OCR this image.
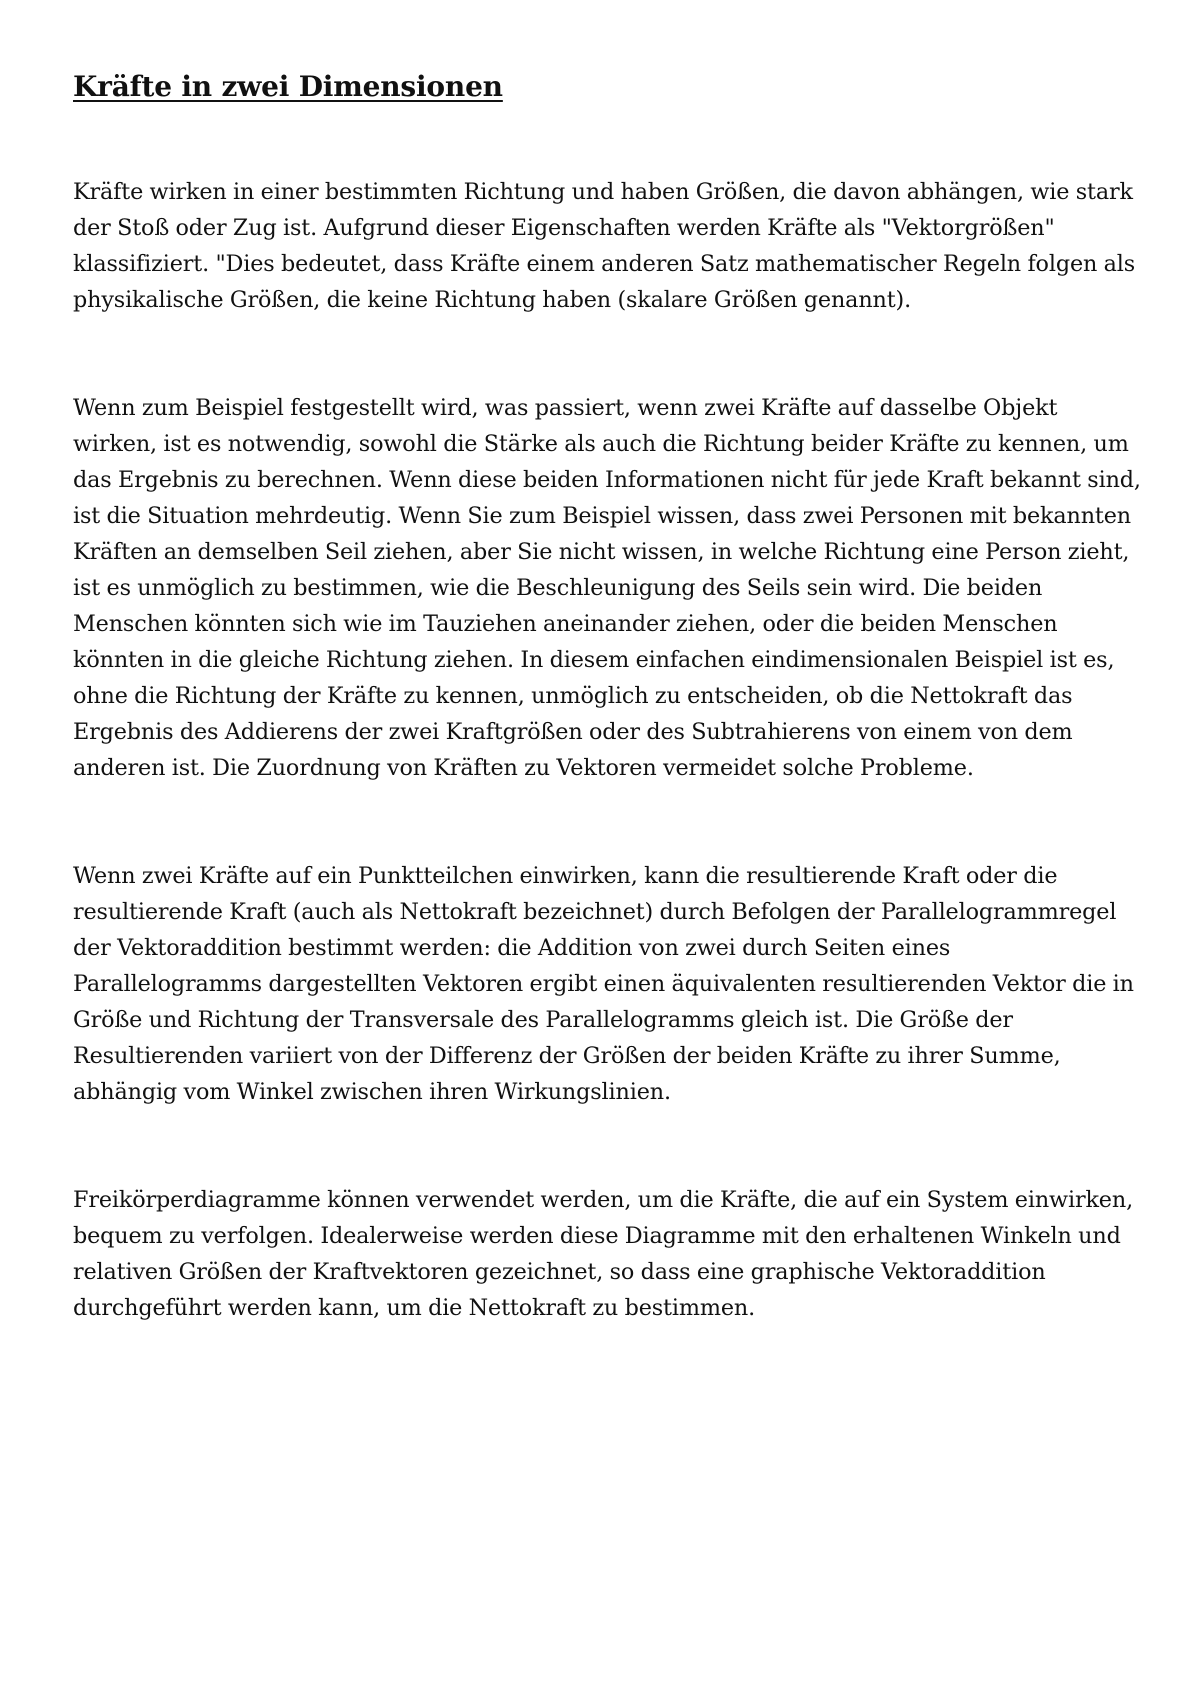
Kräfte in zwei Dimensionen

Kräfte wirken in einer bestimmten Richtung und haben Größen, die davon abhängen, wie stark der Stoß oder Zug ist. Aufgrund dieser Eigenschaften werden Kräfte als "Vektorgrößen" klassifiziert. "Dies bedeutet, dass Kräfte einem anderen Satz mathematischer Regeln folgen als physikalische Größen, die keine Richtung haben (skalare Größen genannt).

Wenn zum Beispiel festgestellt wird, was passiert, wenn zwei Kräfte auf dasselbe Objekt wirken, ist es notwendig, sowohl die Stärke als auch die Richtung beider Kräfte zu kennen, um das Ergebnis zu berechnen. Wenn diese beiden Informationen nicht für jede Kraft bekannt sind, ist die Situation mehrdeutig. Wenn Sie zum Beispiel wissen, dass zwei Personen mit bekannten Kräften an demselben Seil ziehen, aber Sie nicht wissen, in welche Richtung eine Person zieht, ist es unmöglich zu bestimmen, wie die Beschleunigung des Seils sein wird. Die beiden Menschen könnten sich wie im Tauziehen aneinander ziehen, oder die beiden Menschen könnten in die gleiche Richtung ziehen. In diesem einfachen eindimensionalen Beispiel ist es, ohne die Richtung der Kräfte zu kennen, unmöglich zu entscheiden, ob die Nettokraft das Ergebnis des Addierens der zwei Kraftgrößen oder des Subtrahierens von einem von dem anderen ist. Die Zuordnung von Kräften zu Vektoren vermeidet solche Probleme.

Wenn zwei Kräfte auf ein Punktteilchen einwirken, kann die resultierende Kraft oder die resultierende Kraft (auch als Nettokraft bezeichnet) durch Befolgen der Parallelogrammregel der Vektoraddition bestimmt werden: die Addition von zwei durch Seiten eines Parallelogramms dargestellten Vektoren ergibt einen äquivalenten resultierenden Vektor die in Größe und Richtung der Transversale des Parallelogramms gleich ist. Die Größe der Resultierenden variiert von der Differenz der Größen der beiden Kräfte zu ihrer Summe, abhängig vom Winkel zwischen ihren Wirkungslinien.

Freikörperdiagramme können verwendet werden, um die Kräfte, die auf ein System einwirken, bequem zu verfolgen. Idealerweise werden diese Diagramme mit den erhaltenen Winkeln und relativen Größen der Kraftvektoren gezeichnet, so dass eine graphische Vektoraddition durchgeführt werden kann, um die Nettokraft zu bestimmen.
